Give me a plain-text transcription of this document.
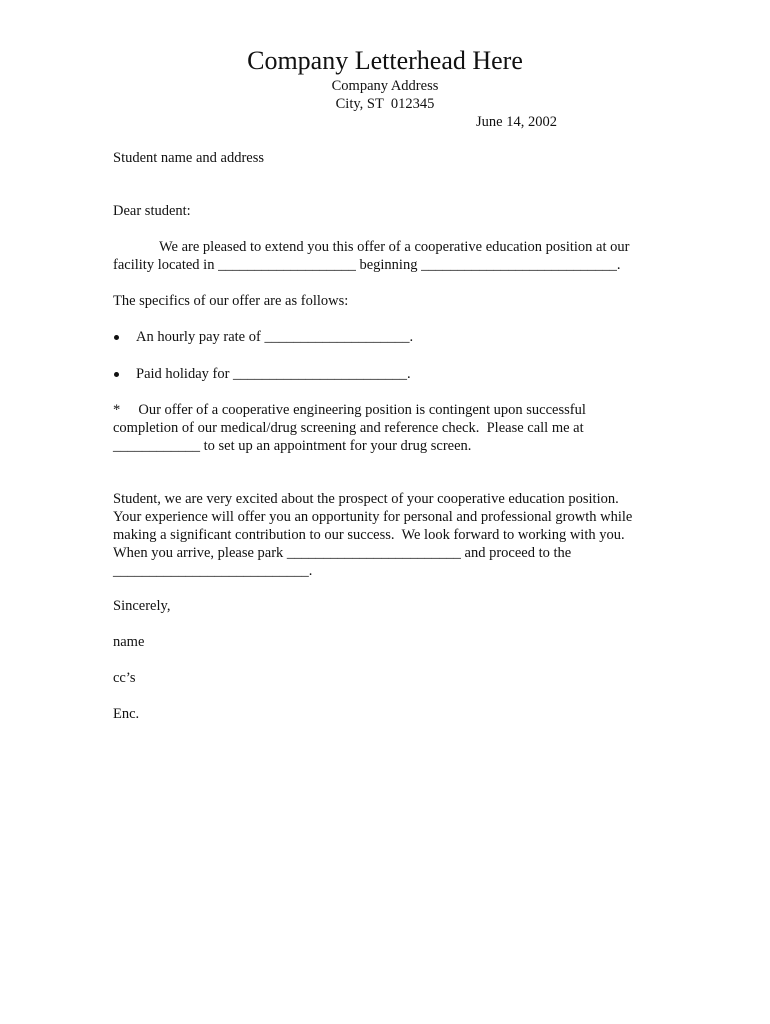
Company Letterhead Here
Company Address
City, ST  012345
June 14, 2002
Student name and address
Dear student:
We are pleased to extend you this offer of a cooperative education position at our
facility located in ___________________ beginning ___________________________.
The specifics of our offer are as follows:
An hourly pay rate of ____________________.
Paid holiday for ________________________.
*     Our offer of a cooperative engineering position is contingent upon successful
completion of our medical/drug screening and reference check.  Please call me at
____________ to set up an appointment for your drug screen.
Student, we are very excited about the prospect of your cooperative education position.
Your experience will offer you an opportunity for personal and professional growth while
making a significant contribution to our success.  We look forward to working with you.
When you arrive, please park ________________________ and proceed to the
___________________________.
Sincerely,
name
cc’s
Enc.
